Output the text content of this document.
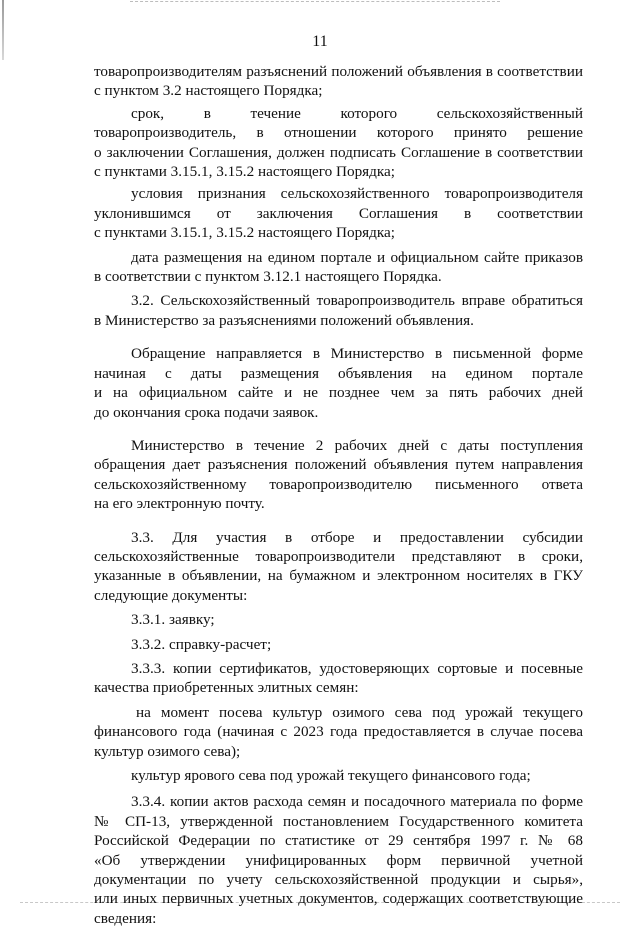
11

товаропроизводителям разъяснений положений объявления в соответствии
с пунктом 3.2 настоящего Порядка;

срок, в течение которого сельскохозяйственный
товаропроизводитель, в отношении которого принято решение
о заключении Соглашения, должен подписать Соглашение в соответствии
с пунктами 3.15.1, 3.15.2 настоящего Порядка;

условия признания сельскохозяйственного товаропроизводителя
уклонившимся от заключения Соглашения в соответствии
с пунктами 3.15.1, 3.15.2 настоящего Порядка;

дата размещения на едином портале и официальном сайте приказов
в соответствии с пунктом 3.12.1 настоящего Порядка.

3.2. Сельскохозяйственный товаропроизводитель вправе обратиться
в Министерство за разъяснениями положений объявления.

Обращение направляется в Министерство в письменной форме
начиная с даты размещения объявления на едином портале
и на официальном сайте и не позднее чем за пять рабочих дней
до окончания срока подачи заявок.

Министерство в течение 2 рабочих дней с даты поступления
обращения дает разъяснения положений объявления путем направления
сельскохозяйственному товаропроизводителю письменного ответа
на его электронную почту.

3.3. Для участия в отборе и предоставлении субсидии
сельскохозяйственные товаропроизводители представляют в сроки,
указанные в объявлении, на бумажном и электронном носителях в ГКУ
следующие документы:

3.3.1. заявку;

3.3.2. справку-расчет;

3.3.3. копии сертификатов, удостоверяющих сортовые и посевные
качества приобретенных элитных семян:

на момент посева культур озимого сева под урожай текущего
финансового года (начиная с 2023 года предоставляется в случае посева
культур озимого сева);

культур ярового сева под урожай текущего финансового года;

3.3.4. копии актов расхода семян и посадочного материала по форме
№ СП-13, утвержденной постановлением Государственного комитета
Российской Федерации по статистике от 29 сентября 1997 г. № 68
«Об утверждении унифицированных форм первичной учетной
документации по учету сельскохозяйственной продукции и сырья»,
или иных первичных учетных документов, содержащих соответствующие
сведения:
